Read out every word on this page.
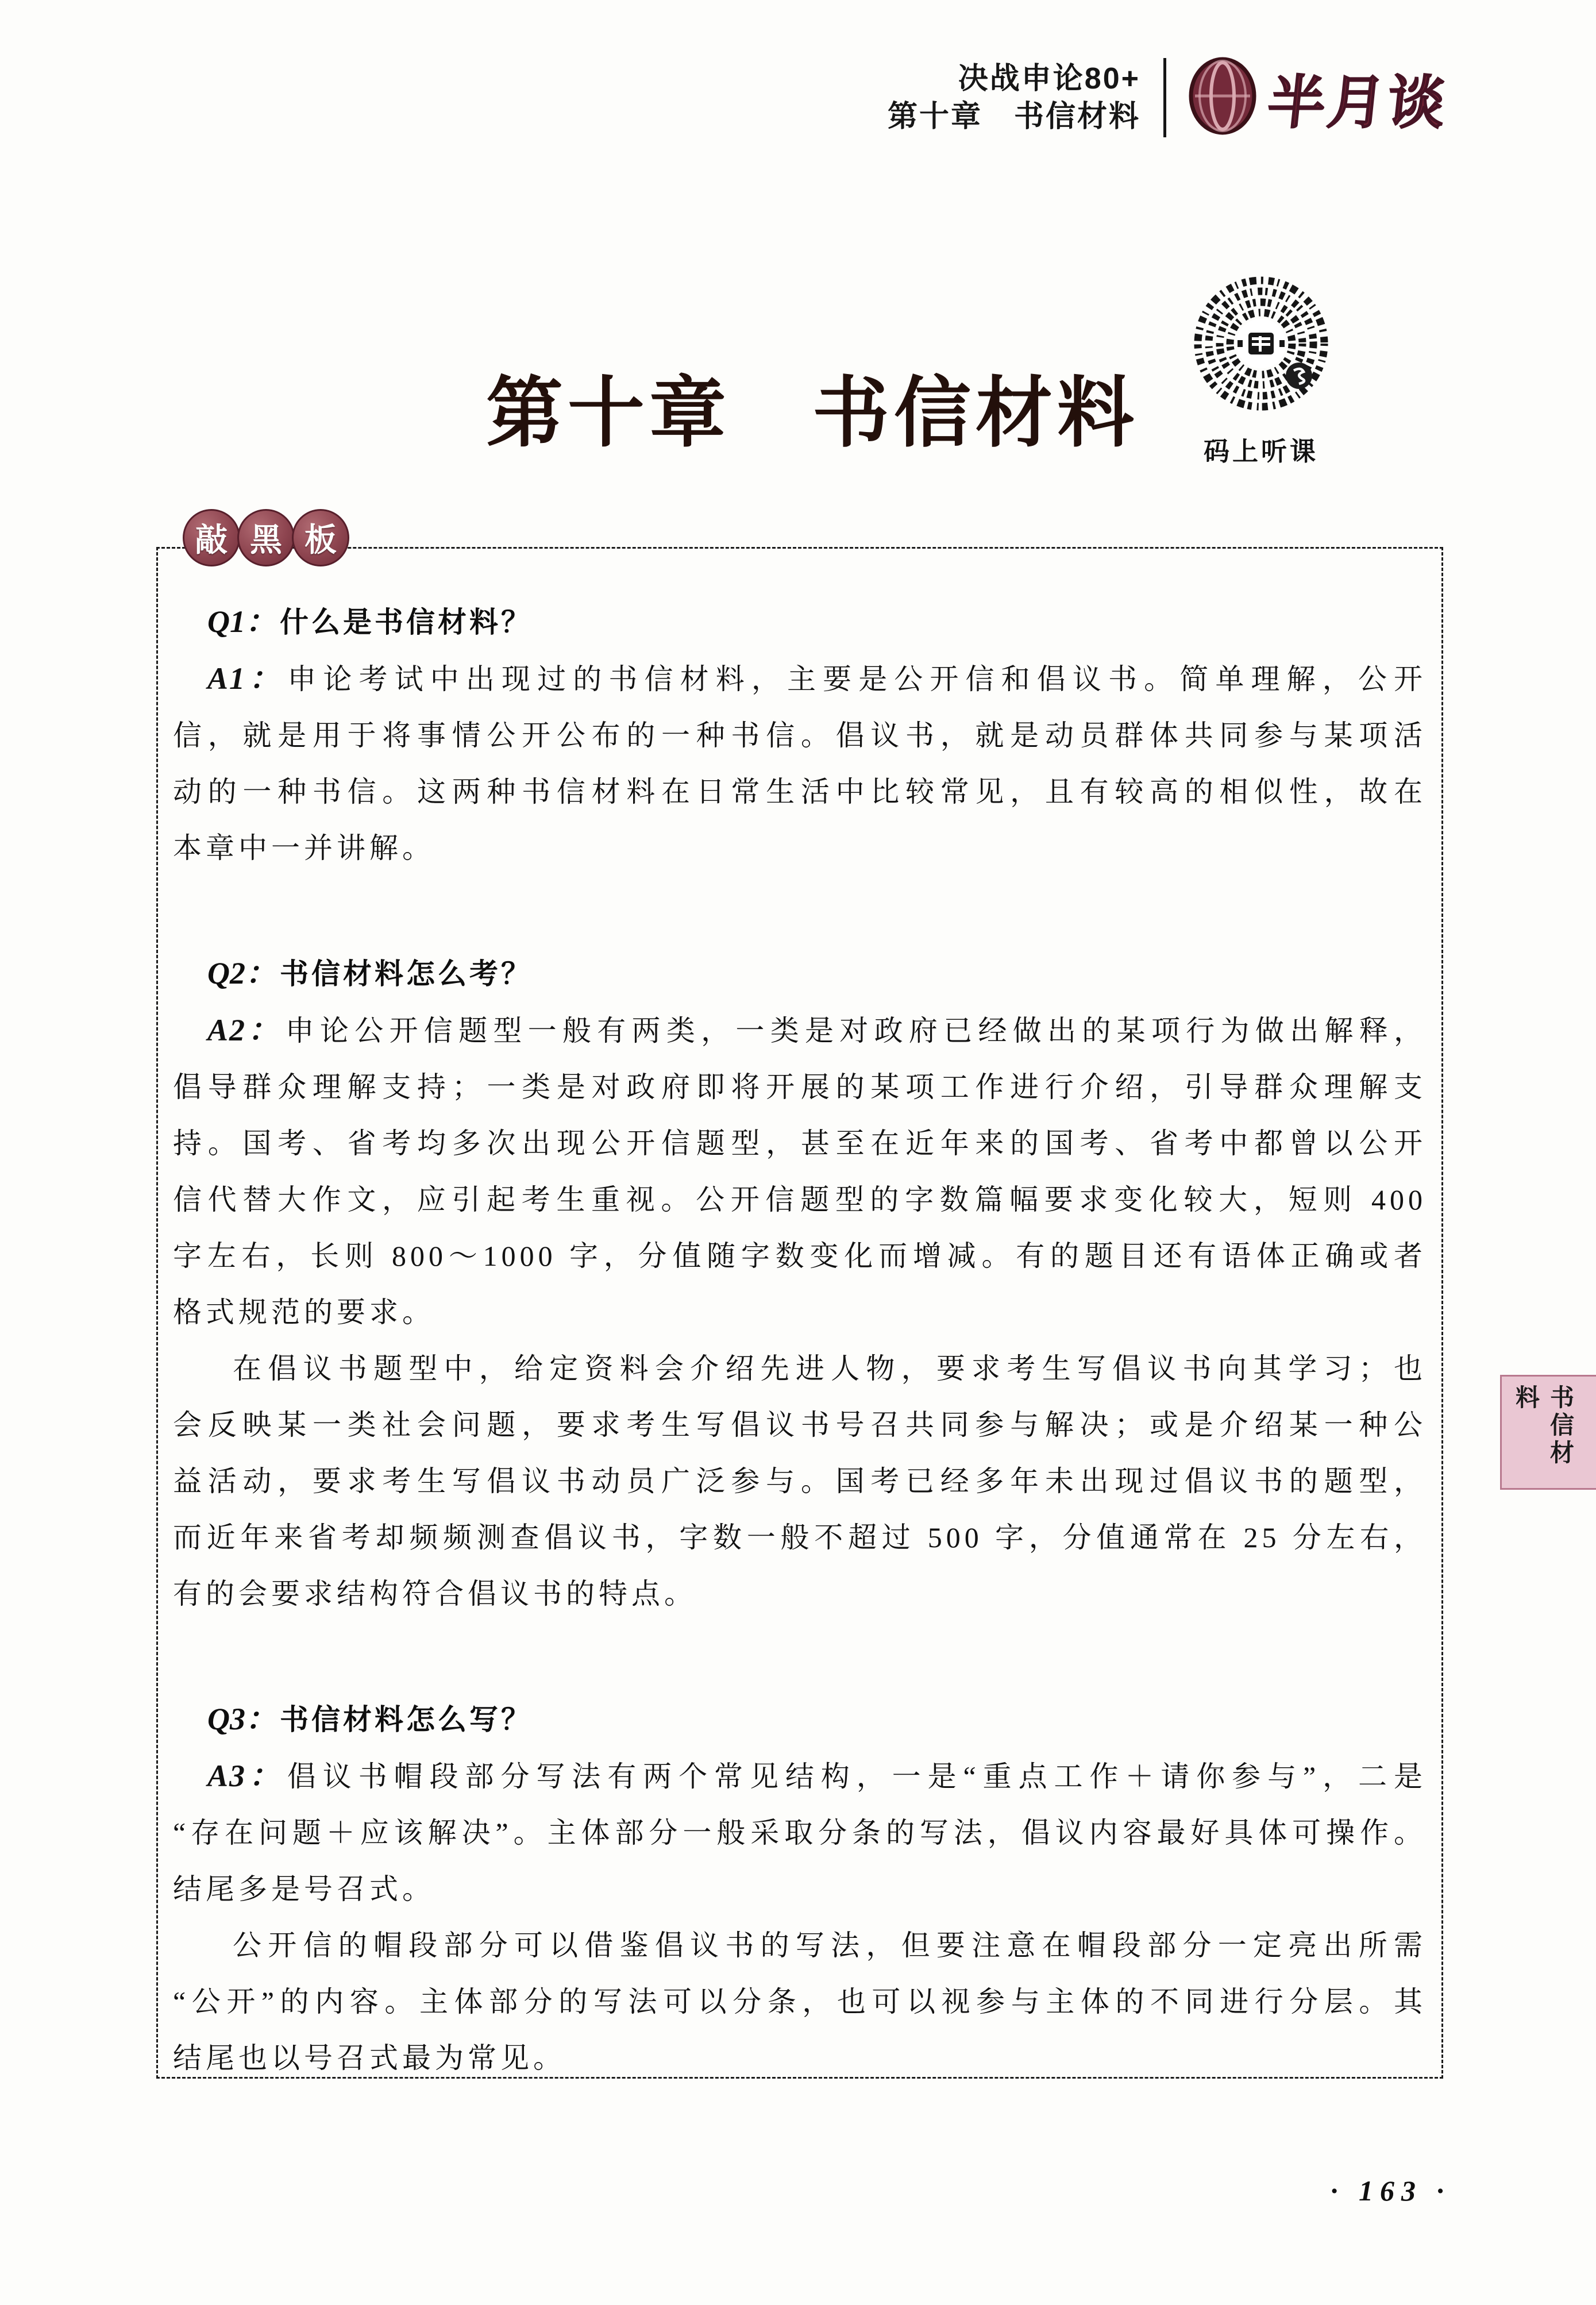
决战申论80+
第十章　书信材料 半月谈
第十章　书信材料	码上听课
敲 黑 板
Q1： 什么是书信材料？
A1： 申论考试中出现过的书信材料，主要是公开信和倡议书。简单理解，公开
信，就是用于将事情公开公布的一种书信。倡议书，就是动员群体共同参与某项活
动的一种书信。这两种书信材料在日常生活中比较常见，且有较高的相似性，故在
本章中一并讲解。
Q2： 书信材料怎么考？
A2： 申论公开信题型一般有两类，一类是对政府已经做出的某项行为做出解释，
倡导群众理解支持；一类是对政府即将开展的某项工作进行介绍，引导群众理解支
持。国考、省考均多次出现公开信题型，甚至在近年来的国考、省考中都曾以公开
信代替大作文，应引起考生重视。公开信题型的字数篇幅要求变化较大，短则 400
字左右，长则 800～1000 字，分值随字数变化而增减。有的题目还有语体正确或者
格式规范的要求。
在倡议书题型中，给定资料会介绍先进人物，要求考生写倡议书向其学习；也
会反映某一类社会问题，要求考生写倡议书号召共同参与解决；或是介绍某一种公
益活动，要求考生写倡议书动员广泛参与。国考已经多年未出现过倡议书的题型，
而近年来省考却频频测查倡议书，字数一般不超过 500 字，分值通常在 25 分左右，
有的会要求结构符合倡议书的特点。
Q3： 书信材料怎么写？
A3： 倡议书帽段部分写法有两个常见结构，一是“重点工作＋请你参与”，二是
“存在问题＋应该解决”。主体部分一般采取分条的写法，倡议内容最好具体可操作。
结尾多是号召式。
公开信的帽段部分可以借鉴倡议书的写法，但要注意在帽段部分一定亮出所需
“公开”的内容。主体部分的写法可以分条，也可以视参与主体的不同进行分层。其
结尾也以号召式最为常见。
书信材料
· 163 ·
